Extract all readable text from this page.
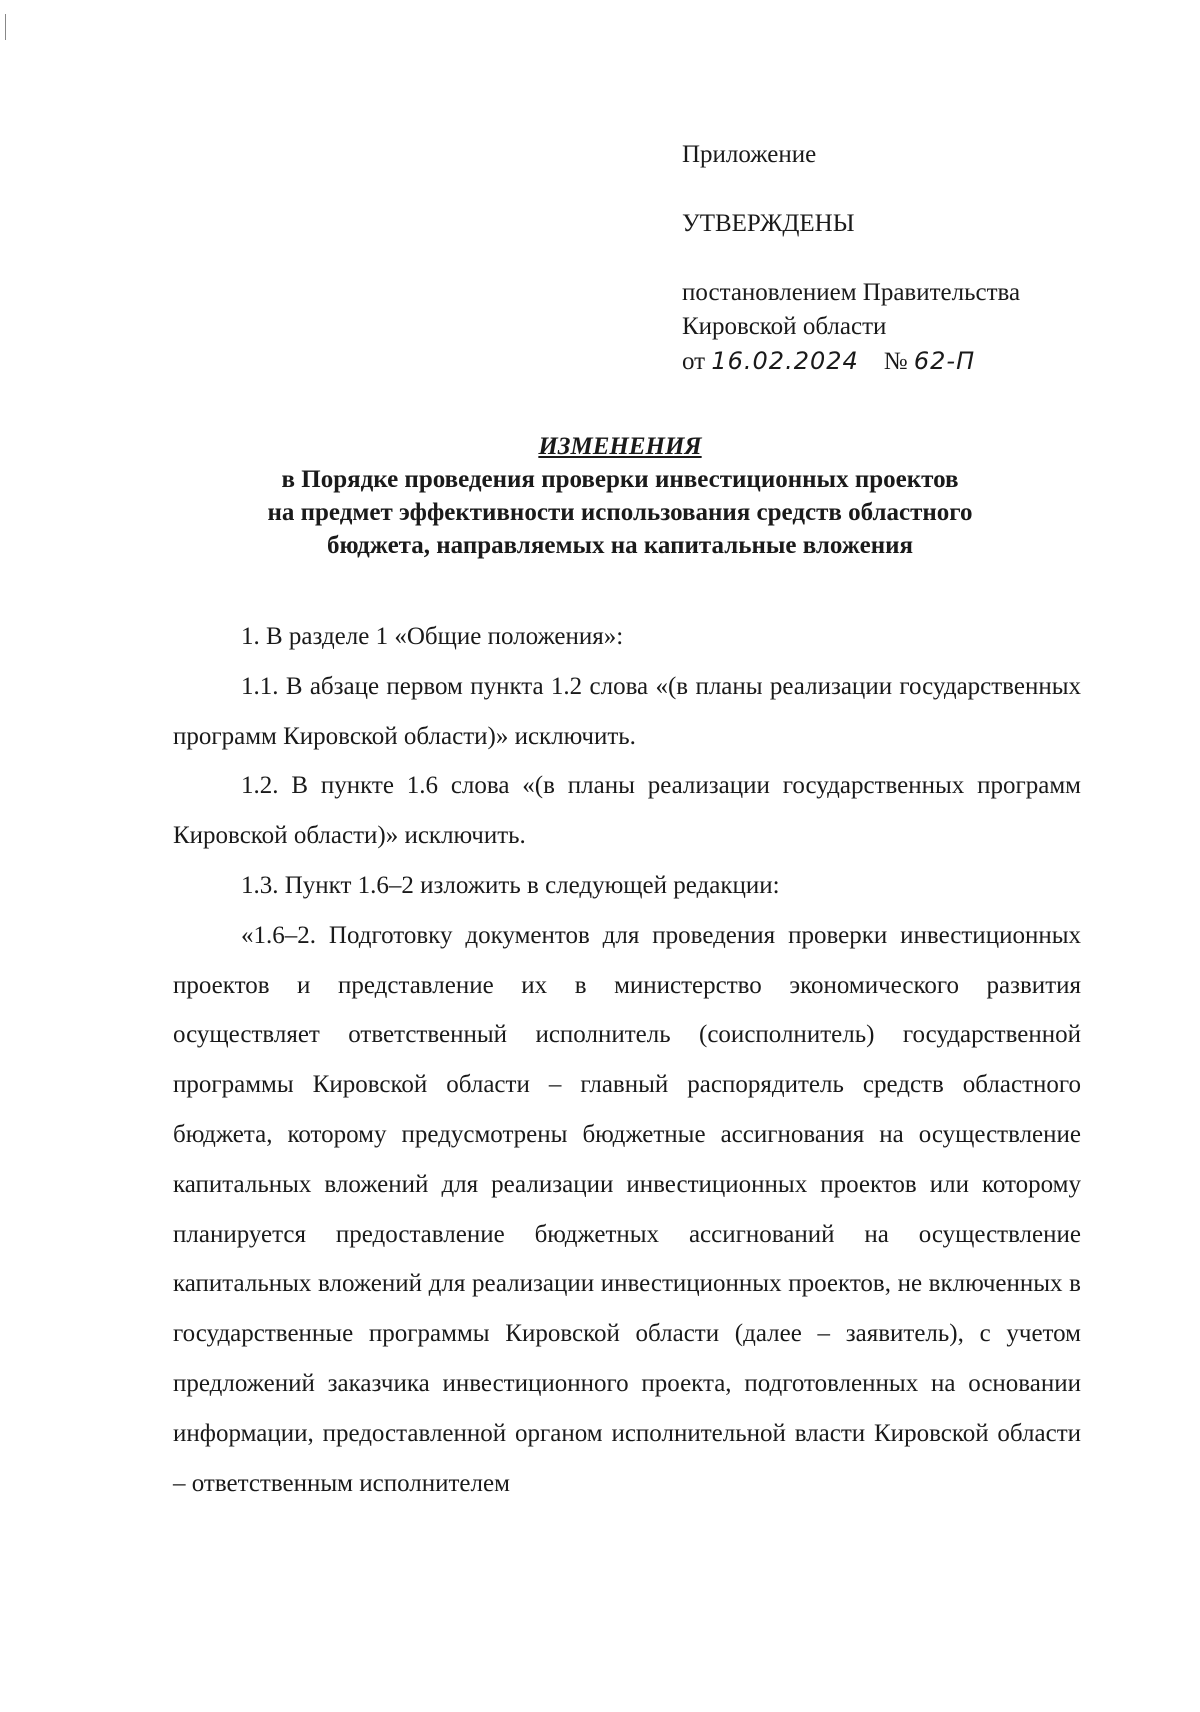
Приложение
УТВЕРЖДЕНЫ
постановлением Правительства
Кировской области
от 16.02.2024 № 62-П
ИЗМЕНЕНИЯ
в Порядке проведения проверки инвестиционных проектов
на предмет эффективности использования средств областного
бюджета, направляемых на капитальные вложения

1. В разделе 1 «Общие положения»:

1.1. В абзаце первом пункта 1.2 слова «(в планы реализации государственных программ Кировской области)» исключить.

1.2. В пункте 1.6 слова «(в планы реализации государственных программ Кировской области)» исключить.

1.3. Пункт 1.6–2 изложить в следующей редакции:

«1.6–2. Подготовку документов для проведения проверки инвестиционных проектов и представление их в министерство экономического развития осуществляет ответственный исполнитель (соисполнитель) государственной программы Кировской области – главный распорядитель средств областного бюджета, которому предусмотрены бюджетные ассигнования на осуществление капитальных вложений для реализации инвестиционных проектов или которому планируется предоставление бюджетных ассигнований на осуществление капитальных вложений для реализации инвестиционных проектов, не включенных в государственные программы Кировской области (далее – заявитель), с учетом предложений заказчика инвестиционного проекта, подготовленных на основании информации, предоставленной органом исполнительной власти Кировской области – ответственным исполнителем
